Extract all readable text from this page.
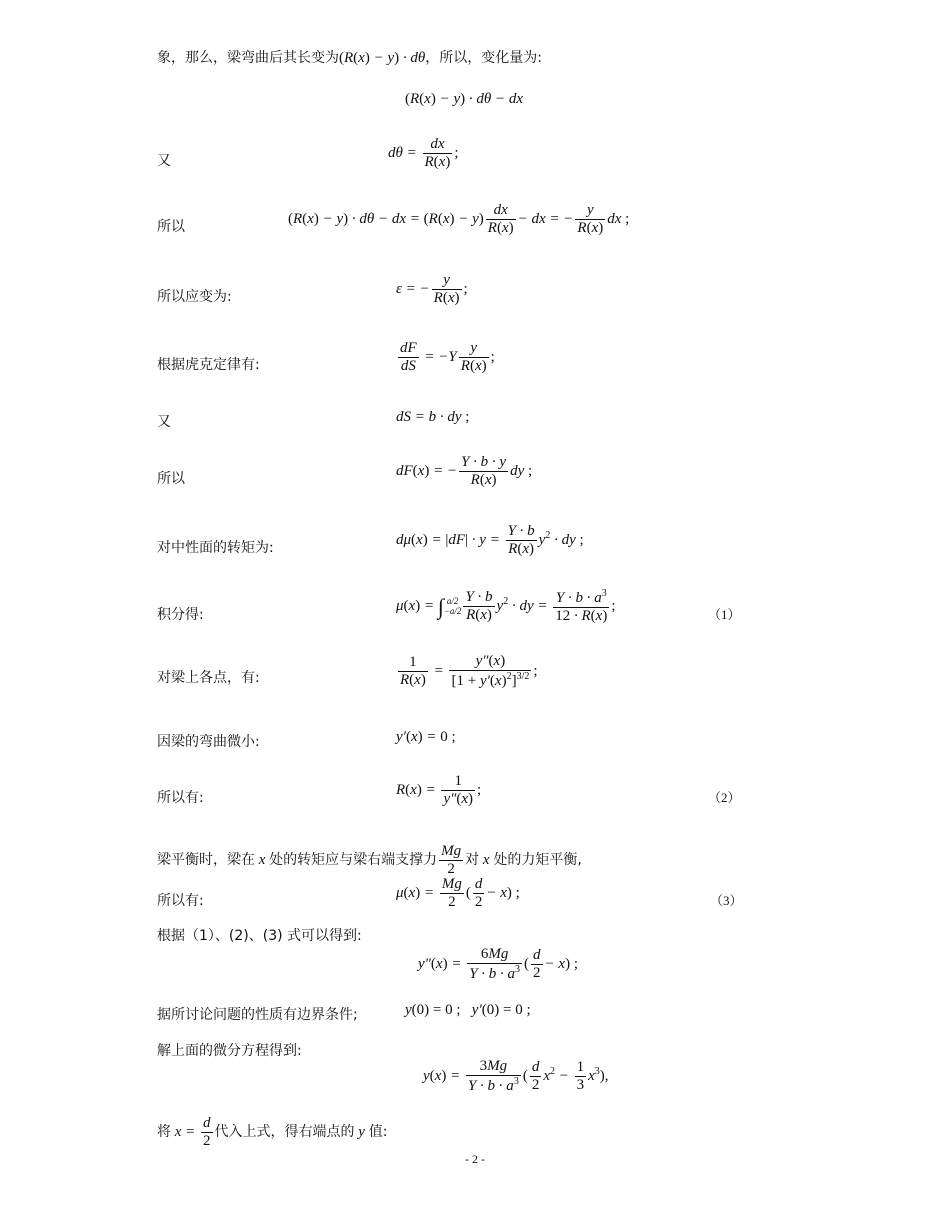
象，那么，梁弯曲后其长变为(R(x) − y) · dθ，所以，变化量为:
(R(x) − y) · dθ − dx
又	$d\theta = \frac{dx}{R(x)}$ ;
所以	(R(x) − y) · dθ − dx = $(R(x) - y) \frac{dx}{R(x)}$ − dx = − $\frac{y}{R(x)}$ dx ;
所以应变为:	ε = − $\frac{y}{R(x)}$ ;
根据虎克定律有:	$\frac{dF}{dS} = -Y \frac{y}{R(x)}$ ;
又	dS = b · dy ;
所以	dF(x) = − $\frac{Y \cdot b \cdot y}{R(x)}$ dy ;
对中性面的转矩为:	$d\mu(x) = |dF| \cdot y = \frac{Y \cdot b}{R(x)} y^2$ · dy ;
积分得:
μ(x) = ∫ a/2
$-a/2 \frac{Y \cdot b}{R(x)} y^2$ · dy = $\frac{Y \cdot b \cdot a^3}{12 \cdot R(x)}$ ;
（1）
对梁上各点，有:	$\frac{1}{R(x)} = \frac{y''(x)}{[1 + y'(x)^2]^{3/2}}$ ;
因梁的弯曲微小:	y′(x) = 0 ;
所以有:	$R(x) = \frac{1}{y''(x)}$ ;	（2）
梁平衡时，梁在 x 处的转矩应与梁右端支撑力 $\frac{Mg}{2}$ 对 x 处的力矩平衡,
所以有:	$\mu(x) = \frac{Mg}{2}$ ( $\frac{d}{2} - x$) ;	（3）
根据（1）、(2)、(3) 式可以得到:
$y''(x) = \frac{6Mg}{Y \cdot b \cdot a^3}$ ( $\frac{d}{2} - x$) ;
据所讨论问题的性质有边界条件;	y(0) = 0 ;   y′(0) = 0 ;
解上面的微分方程得到:
$y(x) = \frac{3Mg}{Y \cdot b \cdot a^3}$ ( $\frac{d}{2} x^2 - \frac{1}{3} x^3$),
将 $x = \frac{d}{2}$ 代入上式，得右端点的 y 值:
- 2 -
